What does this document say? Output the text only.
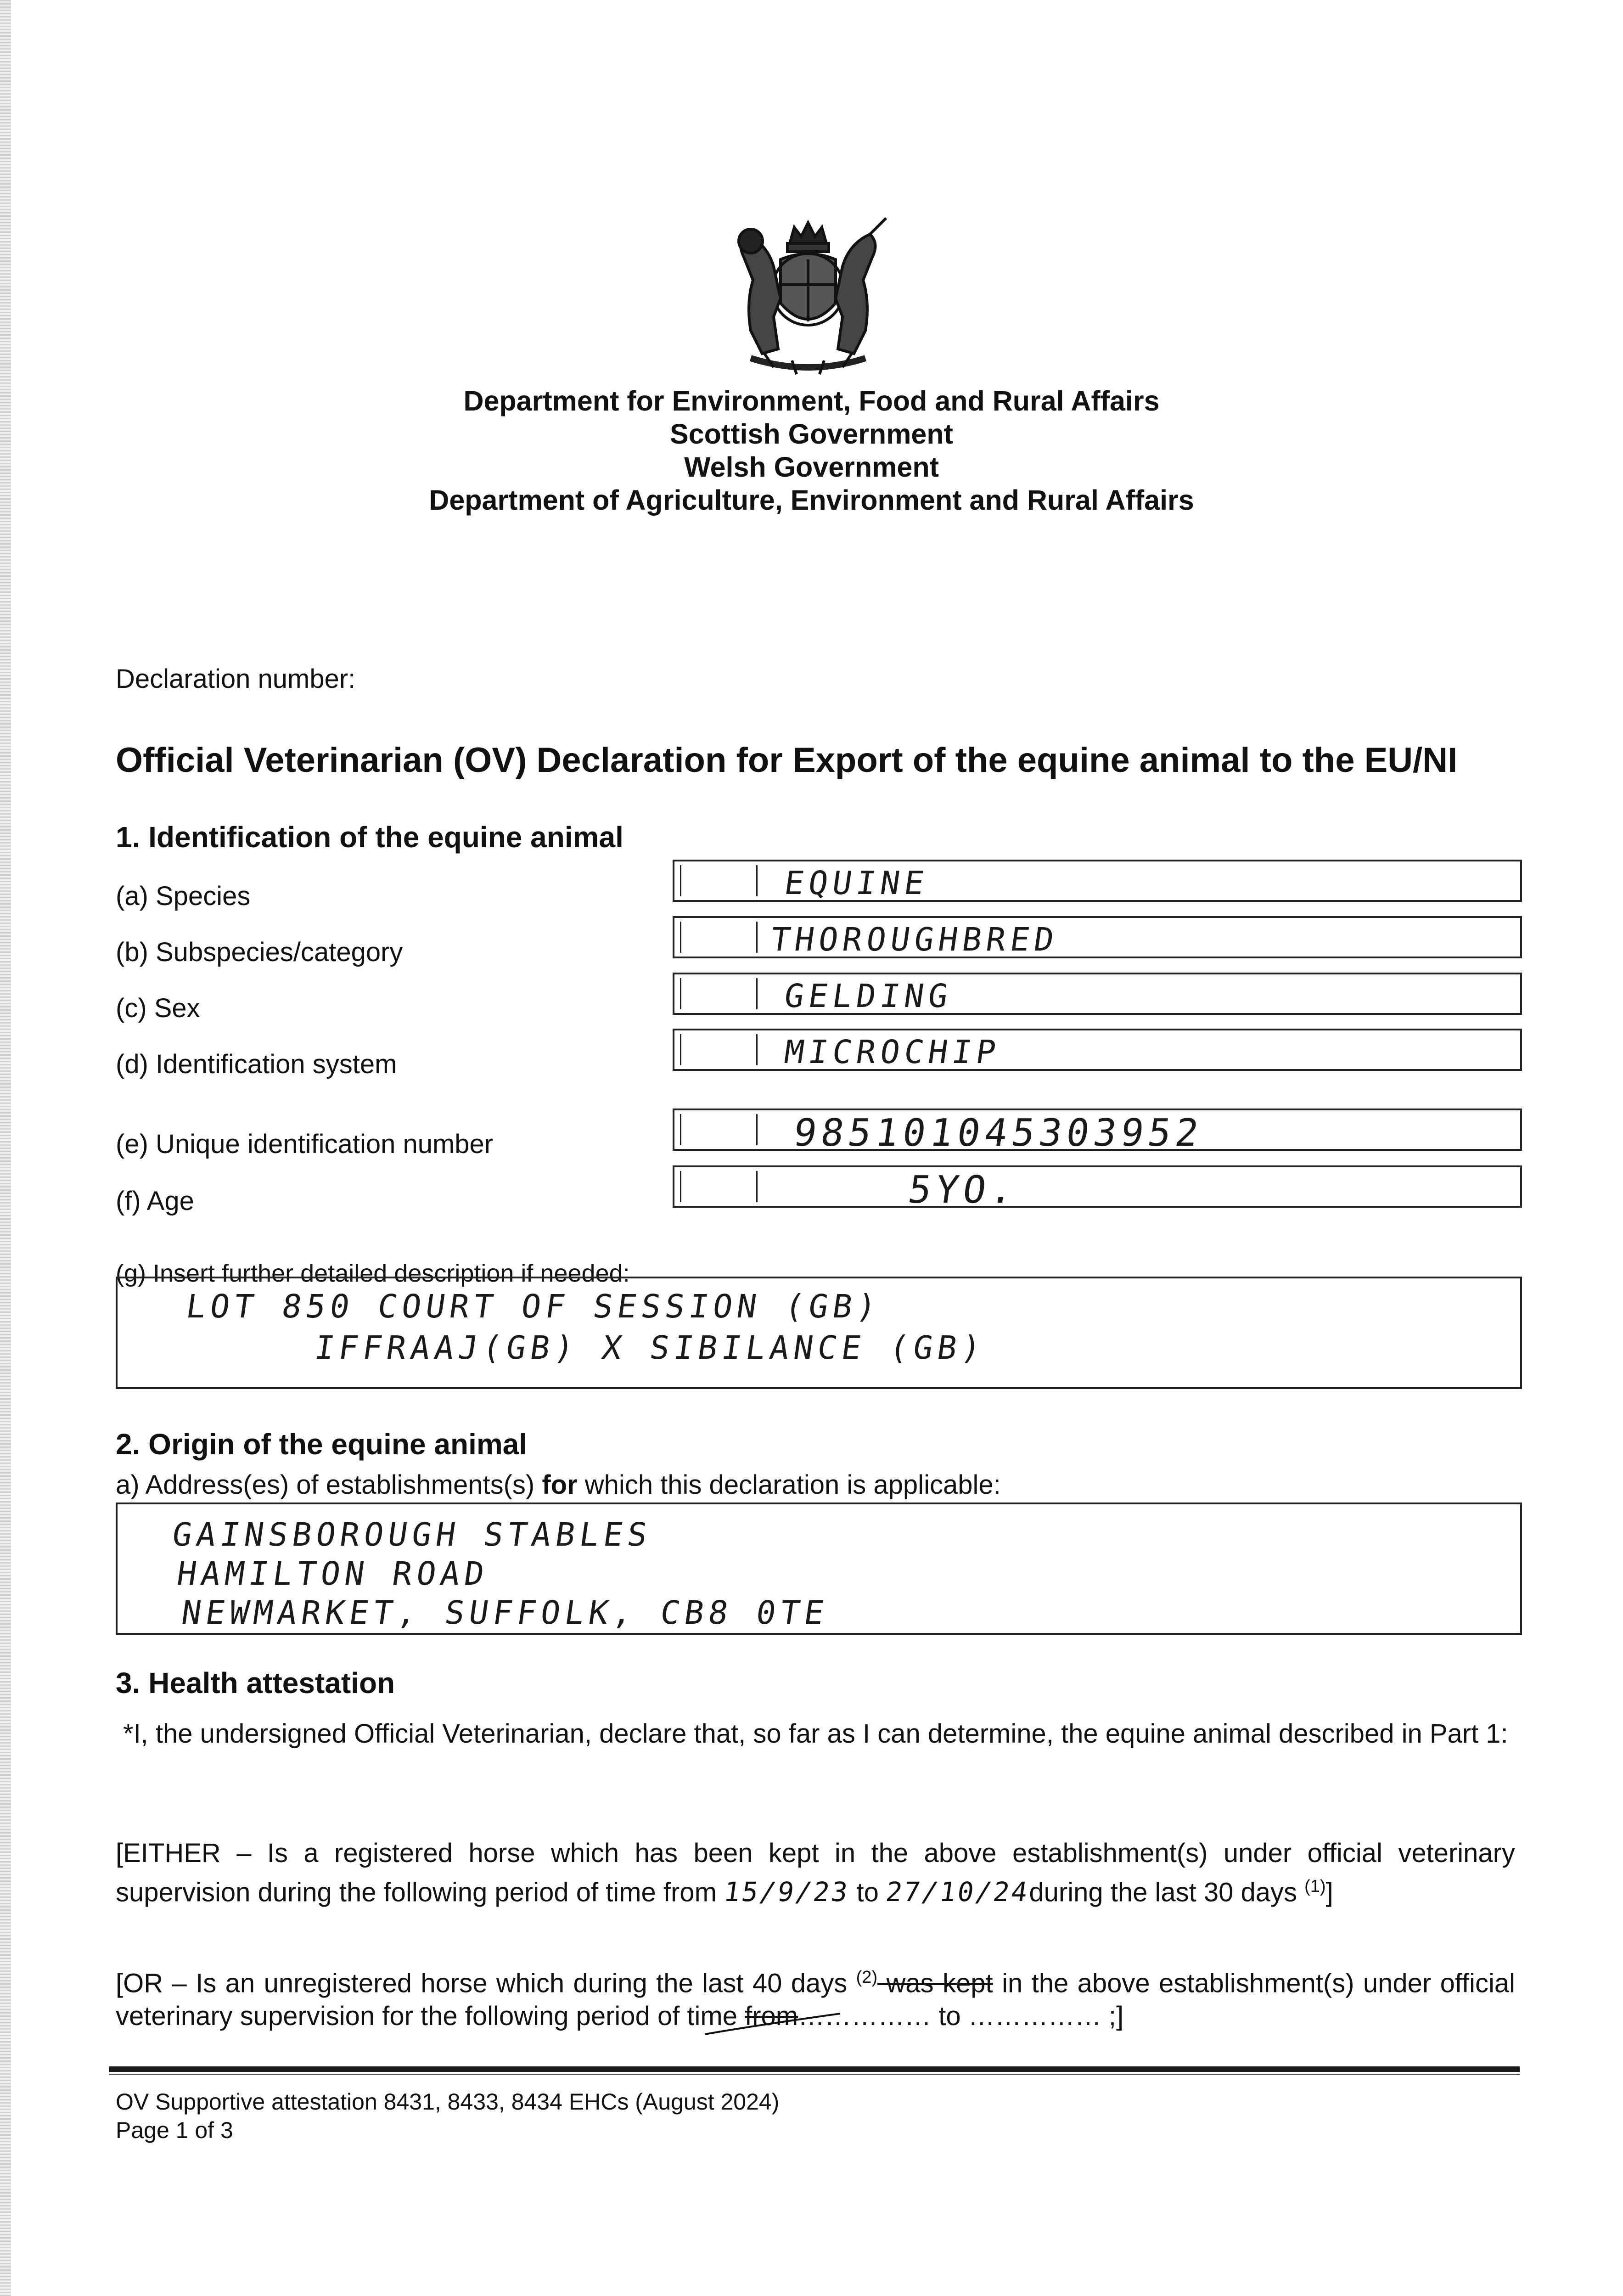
Department for Environment, Food and Rural Affairs
Scottish Government
Welsh Government
Department of Agriculture, Environment and Rural Affairs
Declaration number:
Official Veterinarian (OV) Declaration for Export of the equine animal to the EU/NI
1. Identification of the equine animal
(a) Species	EQUINE
(b) Subspecies/category	THOROUGHBRED
(c) Sex	GELDING
(d) Identification system	MICROCHIP
(e) Unique identification number	985101045303952
(f) Age	5YO.
(g) Insert further detailed description if needed:
LOT 850 COURT OF SESSION (GB)
IFFRAAJ(GB) X SIBILANCE (GB)
2. Origin of the equine animal
a) Address(es) of establishments(s) for which this declaration is applicable:
GAINSBOROUGH STABLES
HAMILTON ROAD
NEWMARKET, SUFFOLK, CB8 0TE
3. Health attestation
*I, the undersigned Official Veterinarian, declare that, so far as I can determine, the equine animal described in Part 1:
[EITHER – Is a registered horse which has been kept in the above establishment(s) under official veterinary supervision during the following period of time from 15/9/23 to 27/10/24during the last 30 days $^{(1)}$]
[OR – Is an unregistered horse which during the last 40 days $^{(2)}$ was kept in the above establishment(s) under official veterinary supervision for the following period of time from…………… to …………… ;]
OV Supportive attestation 8431, 8433, 8434 EHCs (August 2024)
Page 1 of 3
